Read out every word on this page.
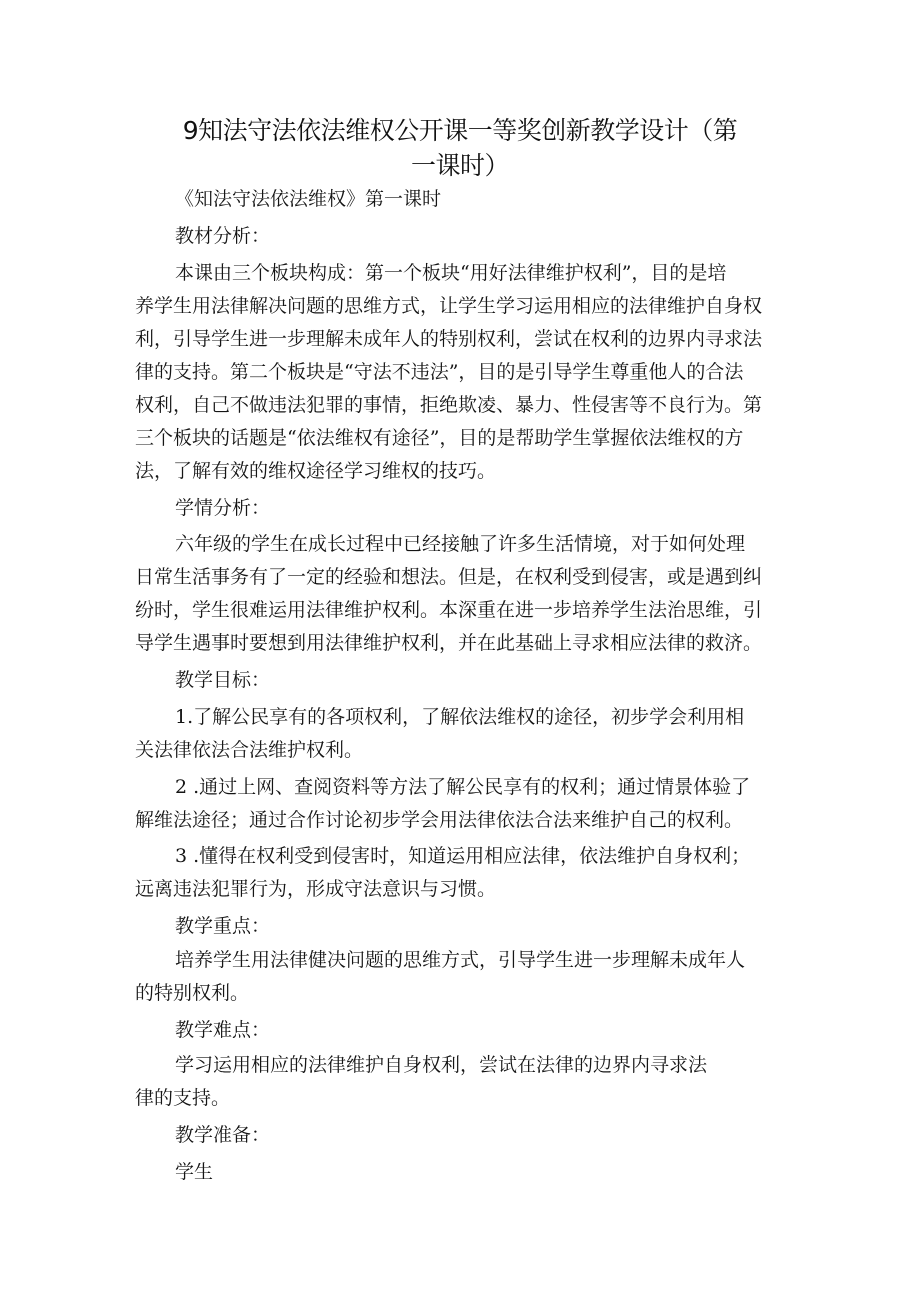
9知法守法依法维权公开课一等奖创新教学设计（第
一课时）
《知法守法依法维权》第一课时
教材分析：
本课由三个板块构成：第一个板块“用好法律维护权利”，目的是培
养学生用法律解决问题的思维方式，让学生学习运用相应的法律维护自身权
利，引导学生进一步理解未成年人的特别权利，尝试在权利的边界内寻求法
律的支持。第二个板块是“守法不违法”，目的是引导学生尊重他人的合法
权利，自己不做违法犯罪的事情，拒绝欺凌、暴力、性侵害等不良行为。第
三个板块的话题是“依法维权有途径”，目的是帮助学生掌握依法维权的方
法，了解有效的维权途径学习维权的技巧。
学情分析：
六年级的学生在成长过程中已经接触了许多生活情境，对于如何处理
日常生活事务有了一定的经验和想法。但是，在权利受到侵害，或是遇到纠
纷时，学生很难运用法律维护权利。本深重在进一步培养学生法治思维，引
导学生遇事时要想到用法律维护权利，并在此基础上寻求相应法律的救济。
教学目标：
1.了解公民享有的各项权利，了解依法维权的途径，初步学会利用相
关法律依法合法维护权利。
2 .通过上网、查阅资料等方法了解公民享有的权利；通过情景体验了
解维法途径；通过合作讨论初步学会用法律依法合法来维护自己的权利。
3 .懂得在权利受到侵害时，知道运用相应法律，依法维护自身权利；
远离违法犯罪行为，形成守法意识与习惯。
教学重点：
培养学生用法律健决问题的思维方式，引导学生进一步理解未成年人
的特别权利。
教学难点：
学习运用相应的法律维护自身权利，尝试在法律的边界内寻求法
律的支持。
教学准备：
学生
